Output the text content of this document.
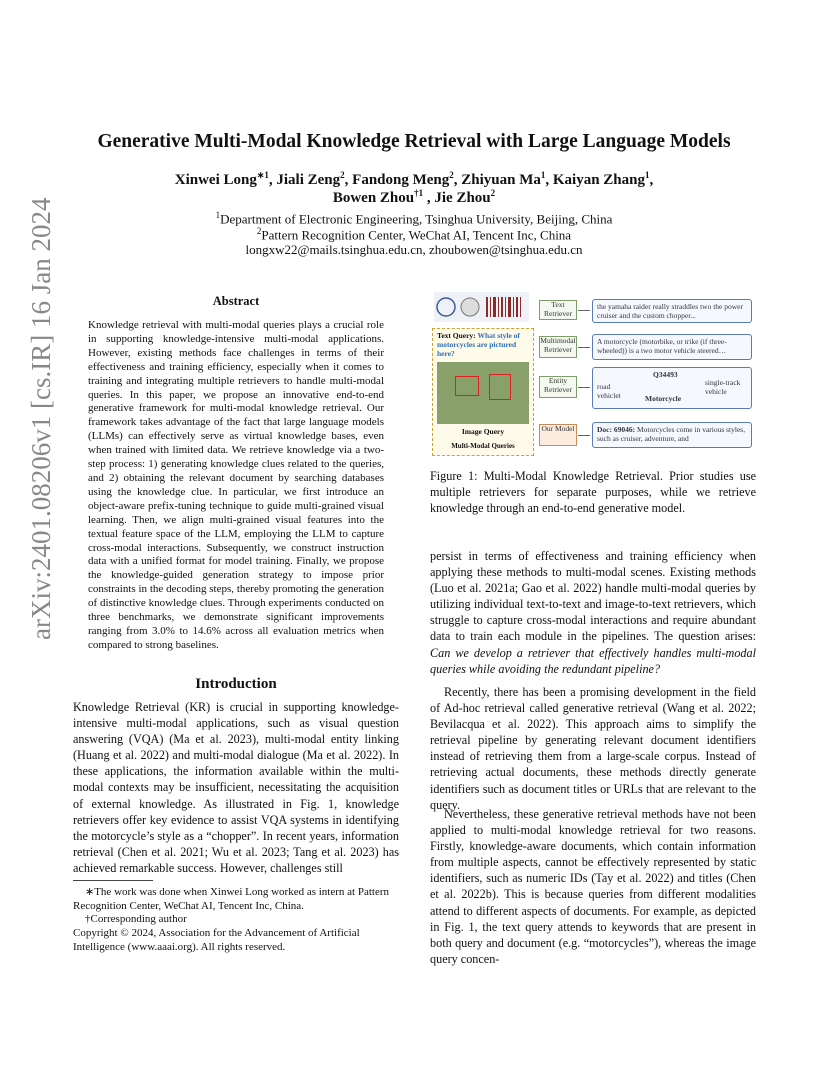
arXiv:2401.08206v1 [cs.IR] 16 Jan 2024
Generative Multi-Modal Knowledge Retrieval with Large Language Models
Xinwei Long$^{∗1}$, Jiali Zeng$^2$, Fandong Meng$^2$, Zhiyuan Ma$^1$, Kaiyan Zhang$^1$,
Bowen Zhou$^{\dagger 1}$ , Jie Zhou$^2$
$^1$Department of Electronic Engineering, Tsinghua University, Beijing, China
$^2$Pattern Recognition Center, WeChat AI, Tencent Inc, China
longxw22@mails.tsinghua.edu.cn, zhoubowen@tsinghua.edu.cn
Abstract
Knowledge retrieval with multi-modal queries plays a crucial role in supporting knowledge-intensive multi-modal applications. However, existing methods face challenges in terms of their effectiveness and training efficiency, especially when it comes to training and integrating multiple retrievers to handle multi-modal queries. In this paper, we propose an innovative end-to-end generative framework for multi-modal knowledge retrieval. Our framework takes advantage of the fact that large language models (LLMs) can effectively serve as virtual knowledge bases, even when trained with limited data. We retrieve knowledge via a two-step process: 1) generating knowledge clues related to the queries, and 2) obtaining the relevant document by searching databases using the knowledge clue. In particular, we first introduce an object-aware prefix-tuning technique to guide multi-grained visual learning. Then, we align multi-grained visual features into the textual feature space of the LLM, employing the LLM to capture cross-modal interactions. Subsequently, we construct instruction data with a unified format for model training. Finally, we propose the knowledge-guided generation strategy to impose prior constraints in the decoding steps, thereby promoting the generation of distinctive knowledge clues. Through experiments conducted on three benchmarks, we demonstrate significant improvements ranging from 3.0% to 14.6% across all evaluation metrics when compared to strong baselines.
Introduction
Knowledge Retrieval (KR) is crucial in supporting knowledge-intensive multi-modal applications, such as visual question answering (VQA) (Ma et al. 2023), multi-modal entity linking (Huang et al. 2022) and multi-modal dialogue (Ma et al. 2022). In these applications, the information available within the multi-modal contexts may be insufficient, necessitating the acquisition of external knowledge. As illustrated in Fig. 1, knowledge retrievers offer key evidence to assist VQA systems in identifying the motorcycle’s style as a “chopper”. In recent years, information retrieval (Chen et al. 2021; Wu et al. 2023; Tang et al. 2023) has achieved remarkable success. However, challenges still
∗The work was done when Xinwei Long worked as intern at Pattern Recognition Center, WeChat AI, Tencent Inc, China.
†Corresponding author
Copyright © 2024, Association for the Advancement of Artificial Intelligence (www.aaai.org). All rights reserved.
Text Query: What style of motorcycles are pictured here?
Image Query
Multi-Modal Queries
Text Retriever
Multimodal Retriever
Entity Retriever
Our Model
the yamaha raider really straddles two the power cruiser and the custom chopper...
A motorcycle (motorbike, or trike (if three-wheeled)) is a two motor vehicle steered…
Q34493
road vehiclet	Motorcycle
single-track vehicle
Doc: 69046: Motorcycles come in various styles, such as cruiser, adventure, and
Figure 1: Multi-Modal Knowledge Retrieval. Prior studies use multiple retrievers for separate purposes, while we retrieve knowledge through an end-to-end generative model.
persist in terms of effectiveness and training efficiency when applying these methods to multi-modal scenes. Existing methods (Luo et al. 2021a; Gao et al. 2022) handle multi-modal queries by utilizing individual text-to-text and image-to-text retrievers, which struggle to capture cross-modal interactions and require abundant data to train each module in the pipelines. The question arises: Can we develop a retriever that effectively handles multi-modal queries while avoiding the redundant pipeline?
Recently, there has been a promising development in the field of Ad-hoc retrieval called generative retrieval (Wang et al. 2022; Bevilacqua et al. 2022). This approach aims to simplify the retrieval pipeline by generating relevant document identifiers instead of retrieving them from a large-scale corpus. Instead of retrieving actual documents, these methods directly generate identifiers such as document titles or URLs that are relevant to the query.
Nevertheless, these generative retrieval methods have not been applied to multi-modal knowledge retrieval for two reasons. Firstly, knowledge-aware documents, which contain information from multiple aspects, cannot be effectively represented by static identifiers, such as numeric IDs (Tay et al. 2022) and titles (Chen et al. 2022b). This is because queries from different modalities attend to different aspects of documents. For example, as depicted in Fig. 1, the text query attends to keywords that are present in both query and document (e.g. “motorcycles”), whereas the image query concen-
